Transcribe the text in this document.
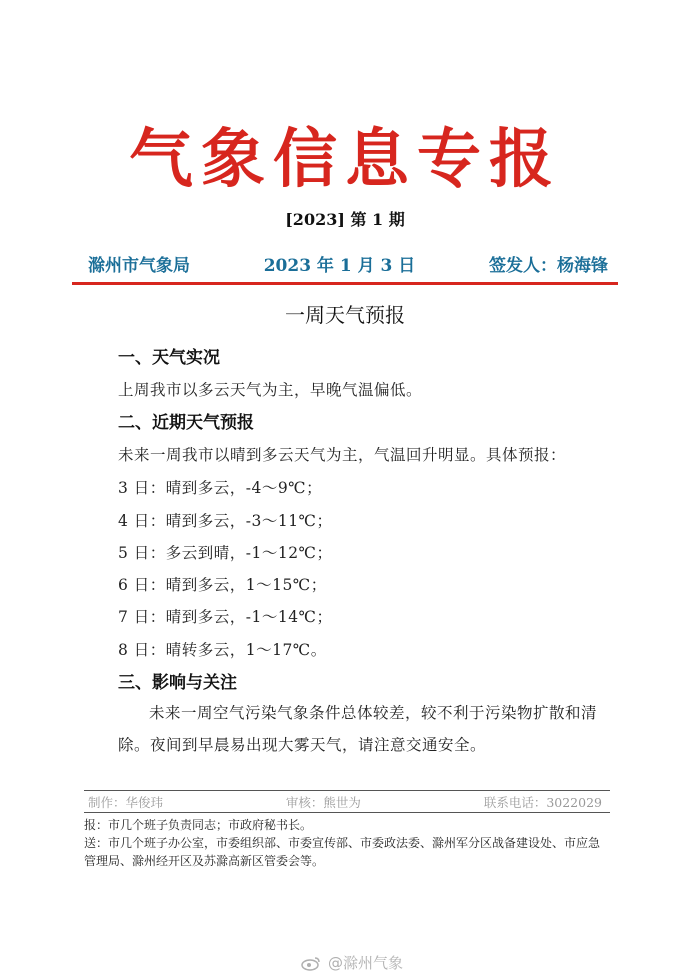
气象信息专报
[2023] 第 1 期
滁州市气象局	2023 年 1 月 3 日	签发人：杨海锋
一周天气预报
一、天气实况
上周我市以多云天气为主，早晚气温偏低。
二、近期天气预报
未来一周我市以晴到多云天气为主，气温回升明显。具体预报：
3 日：晴到多云，-4～9℃；
4 日：晴到多云，-3～11℃；
5 日：多云到晴，-1～12℃；
6 日：晴到多云，1～15℃；
7 日：晴到多云，-1～14℃；
8 日：晴转多云，1～17℃。
三、影响与关注
未来一周空气污染气象条件总体较差，较不利于污染物扩散和清除。夜间到早晨易出现大雾天气，请注意交通安全。
制作：华俊玮	审核：熊世为	联系电话：3022029
报：市几个班子负责同志；市政府秘书长。
送：市几个班子办公室，市委组织部、市委宣传部、市委政法委、滁州军分区战备建设处、市应急管理局、滁州经开区及苏滁高新区管委会等。
@滁州气象
